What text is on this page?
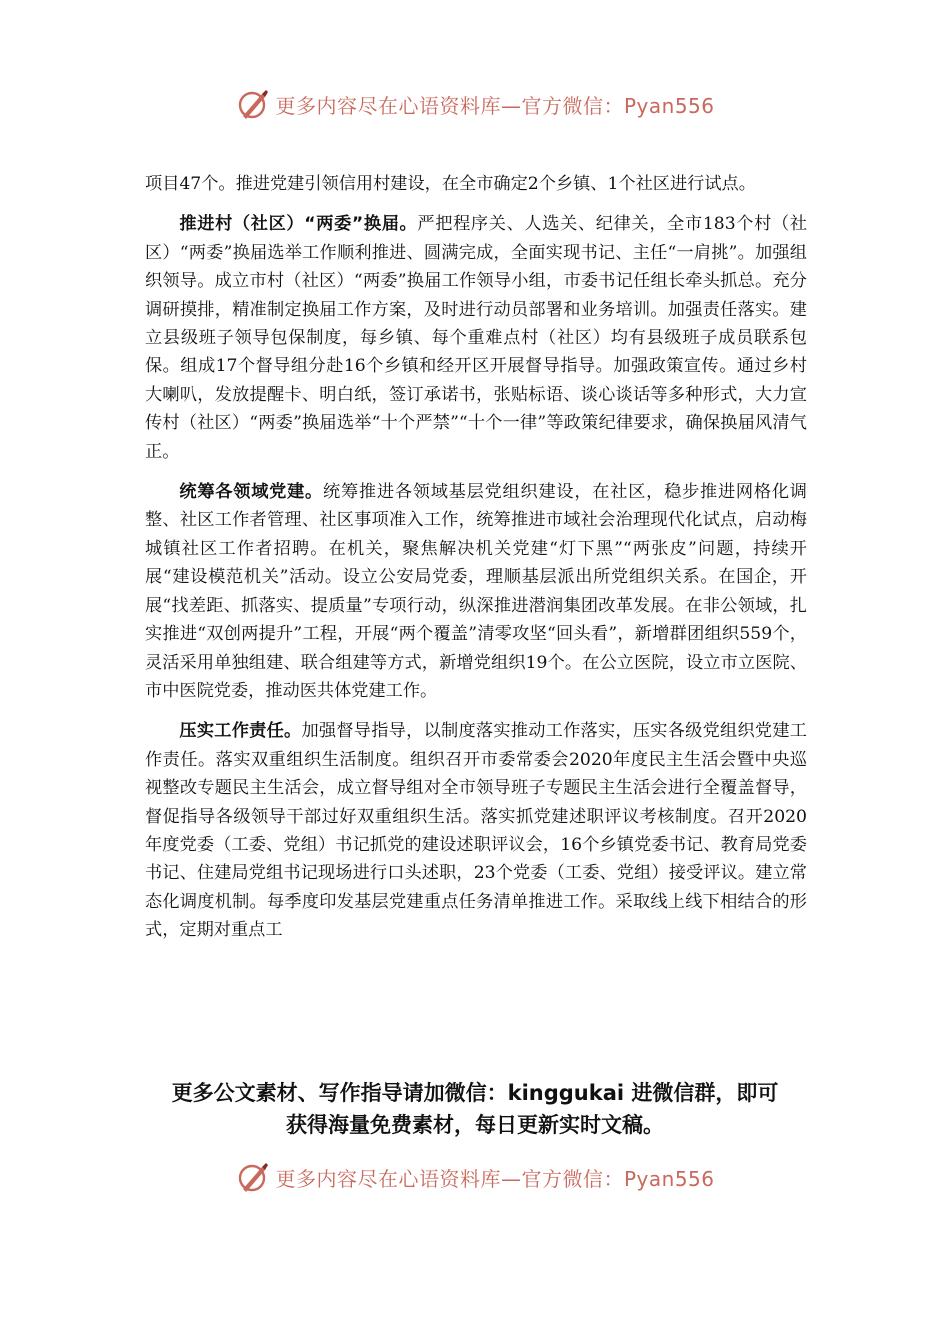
更多内容尽在心语资料库—官方微信：Pyan556

项目47个。推进党建引领信用村建设，在全市确定2个乡镇、1个社区进行试点。

推进村（社区）“两委”换届。严把程序关、人选关、纪律关，全市183个村（社区）“两委”换届选举工作顺利推进、圆满完成，全面实现书记、主任“一肩挑”。加强组织领导。成立市村（社区）“两委”换届工作领导小组，市委书记任组长牵头抓总。充分调研摸排，精准制定换届工作方案，及时进行动员部署和业务培训。加强责任落实。建立县级班子领导包保制度，每乡镇、每个重难点村（社区）均有县级班子成员联系包保。组成17个督导组分赴16个乡镇和经开区开展督导指导。加强政策宣传。通过乡村大喇叭，发放提醒卡、明白纸，签订承诺书，张贴标语、谈心谈话等多种形式，大力宣传村（社区）“两委”换届选举“十个严禁”“十个一律”等政策纪律要求，确保换届风清气正。

统筹各领域党建。统筹推进各领域基层党组织建设，在社区，稳步推进网格化调整、社区工作者管理、社区事项准入工作，统筹推进市域社会治理现代化试点，启动梅城镇社区工作者招聘。在机关，聚焦解决机关党建“灯下黑”“两张皮”问题，持续开展“建设模范机关”活动。设立公安局党委，理顺基层派出所党组织关系。在国企，开展“找差距、抓落实、提质量”专项行动，纵深推进潜润集团改革发展。在非公领域，扎实推进“双创两提升”工程，开展“两个覆盖”清零攻坚“回头看”，新增群团组织559个，灵活采用单独组建、联合组建等方式，新增党组织19个。在公立医院，设立市立医院、市中医院党委，推动医共体党建工作。

压实工作责任。加强督导指导，以制度落实推动工作落实，压实各级党组织党建工作责任。落实双重组织生活制度。组织召开市委常委会2020年度民主生活会暨中央巡视整改专题民主生活会，成立督导组对全市领导班子专题民主生活会进行全覆盖督导，督促指导各级领导干部过好双重组织生活。落实抓党建述职评议考核制度。召开2020年度党委（工委、党组）书记抓党的建设述职评议会，16个乡镇党委书记、教育局党委书记、住建局党组书记现场进行口头述职，23个党委（工委、党组）接受评议。建立常态化调度机制。每季度印发基层党建重点任务清单推进工作。采取线上线下相结合的形式，定期对重点工

更多公文素材、写作指导请加微信：kinggukai 进微信群，即可
获得海量免费素材，每日更新实时文稿。
更多内容尽在心语资料库—官方微信：Pyan556
